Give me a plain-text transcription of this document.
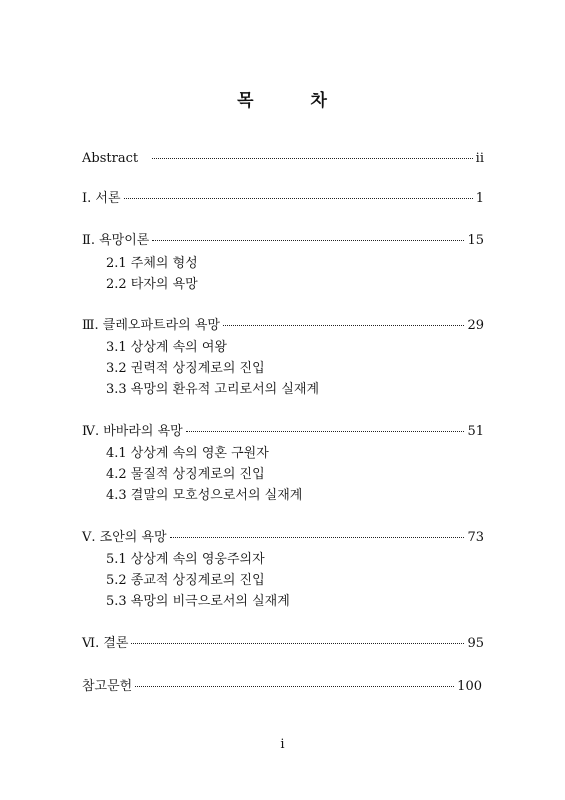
목	차
Abstract	ii
Ⅰ. 서론	1
Ⅱ. 욕망이론	15
2.1 주체의 형성
2.2 타자의 욕망
Ⅲ. 클레오파트라의 욕망	29
3.1 상상계 속의 여왕
3.2 권력적 상징계로의 진입
3.3 욕망의 환유적 고리로서의 실재계
Ⅳ. 바바라의 욕망	51
4.1 상상계 속의 영혼 구원자
4.2 물질적 상징계로의 진입
4.3 결말의 모호성으로서의 실재계
Ⅴ. 조안의 욕망	73
5.1 상상계 속의 영웅주의자
5.2 종교적 상징계로의 진입
5.3 욕망의 비극으로서의 실재계
Ⅵ. 결론	95
참고문헌	100
i
